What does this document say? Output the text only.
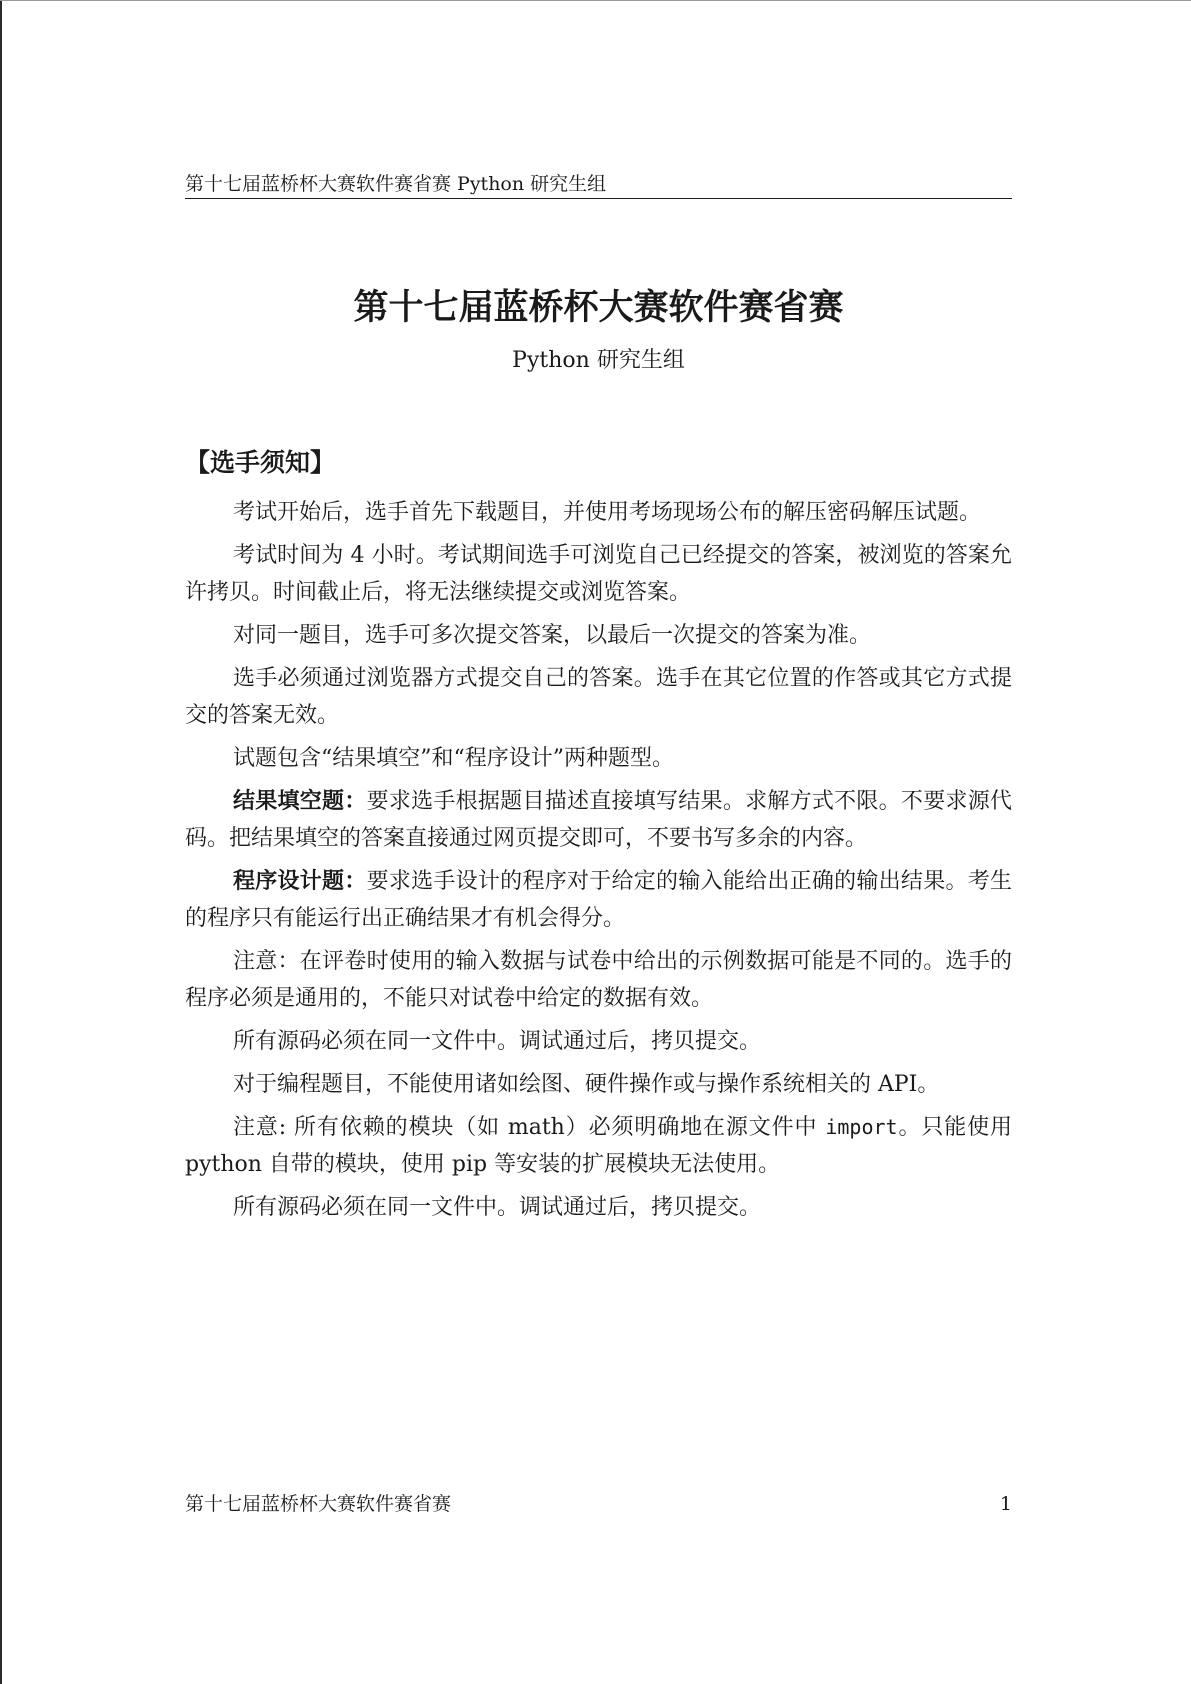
第十七届蓝桥杯大赛软件赛省赛 Python 研究生组
第十七届蓝桥杯大赛软件赛省赛
Python 研究生组
【选手须知】

考试开始后，选手首先下载题目，并使用考场现场公布的解压密码解压试题。

考试时间为 4 小时。考试期间选手可浏览自己已经提交的答案，被浏览的答案允许拷贝。时间截止后，将无法继续提交或浏览答案。

对同一题目，选手可多次提交答案，以最后一次提交的答案为准。

选手必须通过浏览器方式提交自己的答案。选手在其它位置的作答或其它方式提交的答案无效。

试题包含“结果填空”和“程序设计”两种题型。

结果填空题：要求选手根据题目描述直接填写结果。求解方式不限。不要求源代码。把结果填空的答案直接通过网页提交即可，不要书写多余的内容。

程序设计题：要求选手设计的程序对于给定的输入能给出正确的输出结果。考生的程序只有能运行出正确结果才有机会得分。

注意：在评卷时使用的输入数据与试卷中给出的示例数据可能是不同的。选手的程序必须是通用的，不能只对试卷中给定的数据有效。

所有源码必须在同一文件中。调试通过后，拷贝提交。

对于编程题目，不能使用诸如绘图、硬件操作或与操作系统相关的 API。

注意: 所有依赖的模块（如 math）必须明确地在源文件中 import。只能使用 python 自带的模块，使用 pip 等安装的扩展模块无法使用。

所有源码必须在同一文件中。调试通过后，拷贝提交。

第十七届蓝桥杯大赛软件赛省赛	1
